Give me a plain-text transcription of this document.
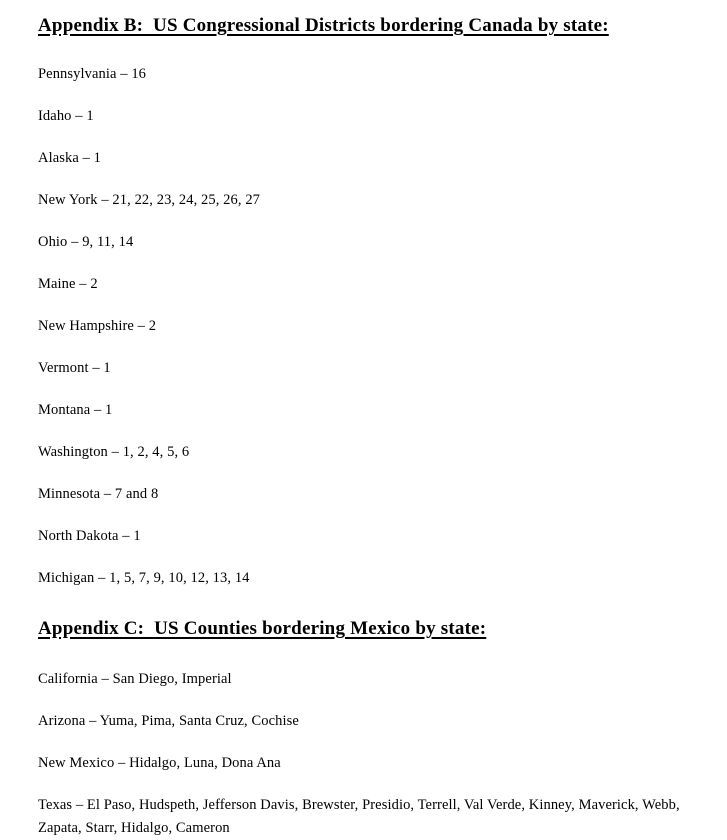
Appendix B:  US Congressional Districts bordering Canada by state:

Pennsylvania – 16

Idaho – 1

Alaska – 1

New York – 21, 22, 23, 24, 25, 26, 27

Ohio – 9, 11, 14

Maine – 2

New Hampshire – 2

Vermont – 1

Montana – 1

Washington – 1, 2, 4, 5, 6

Minnesota – 7 and 8

North Dakota – 1

Michigan – 1, 5, 7, 9, 10, 12, 13, 14

Appendix C:  US Counties bordering Mexico by state:

California – San Diego, Imperial

Arizona – Yuma, Pima, Santa Cruz, Cochise

New Mexico – Hidalgo, Luna, Dona Ana

Texas – El Paso, Hudspeth, Jefferson Davis, Brewster, Presidio, Terrell, Val Verde, Kinney, Maverick, Webb, Zapata, Starr, Hidalgo, Cameron
